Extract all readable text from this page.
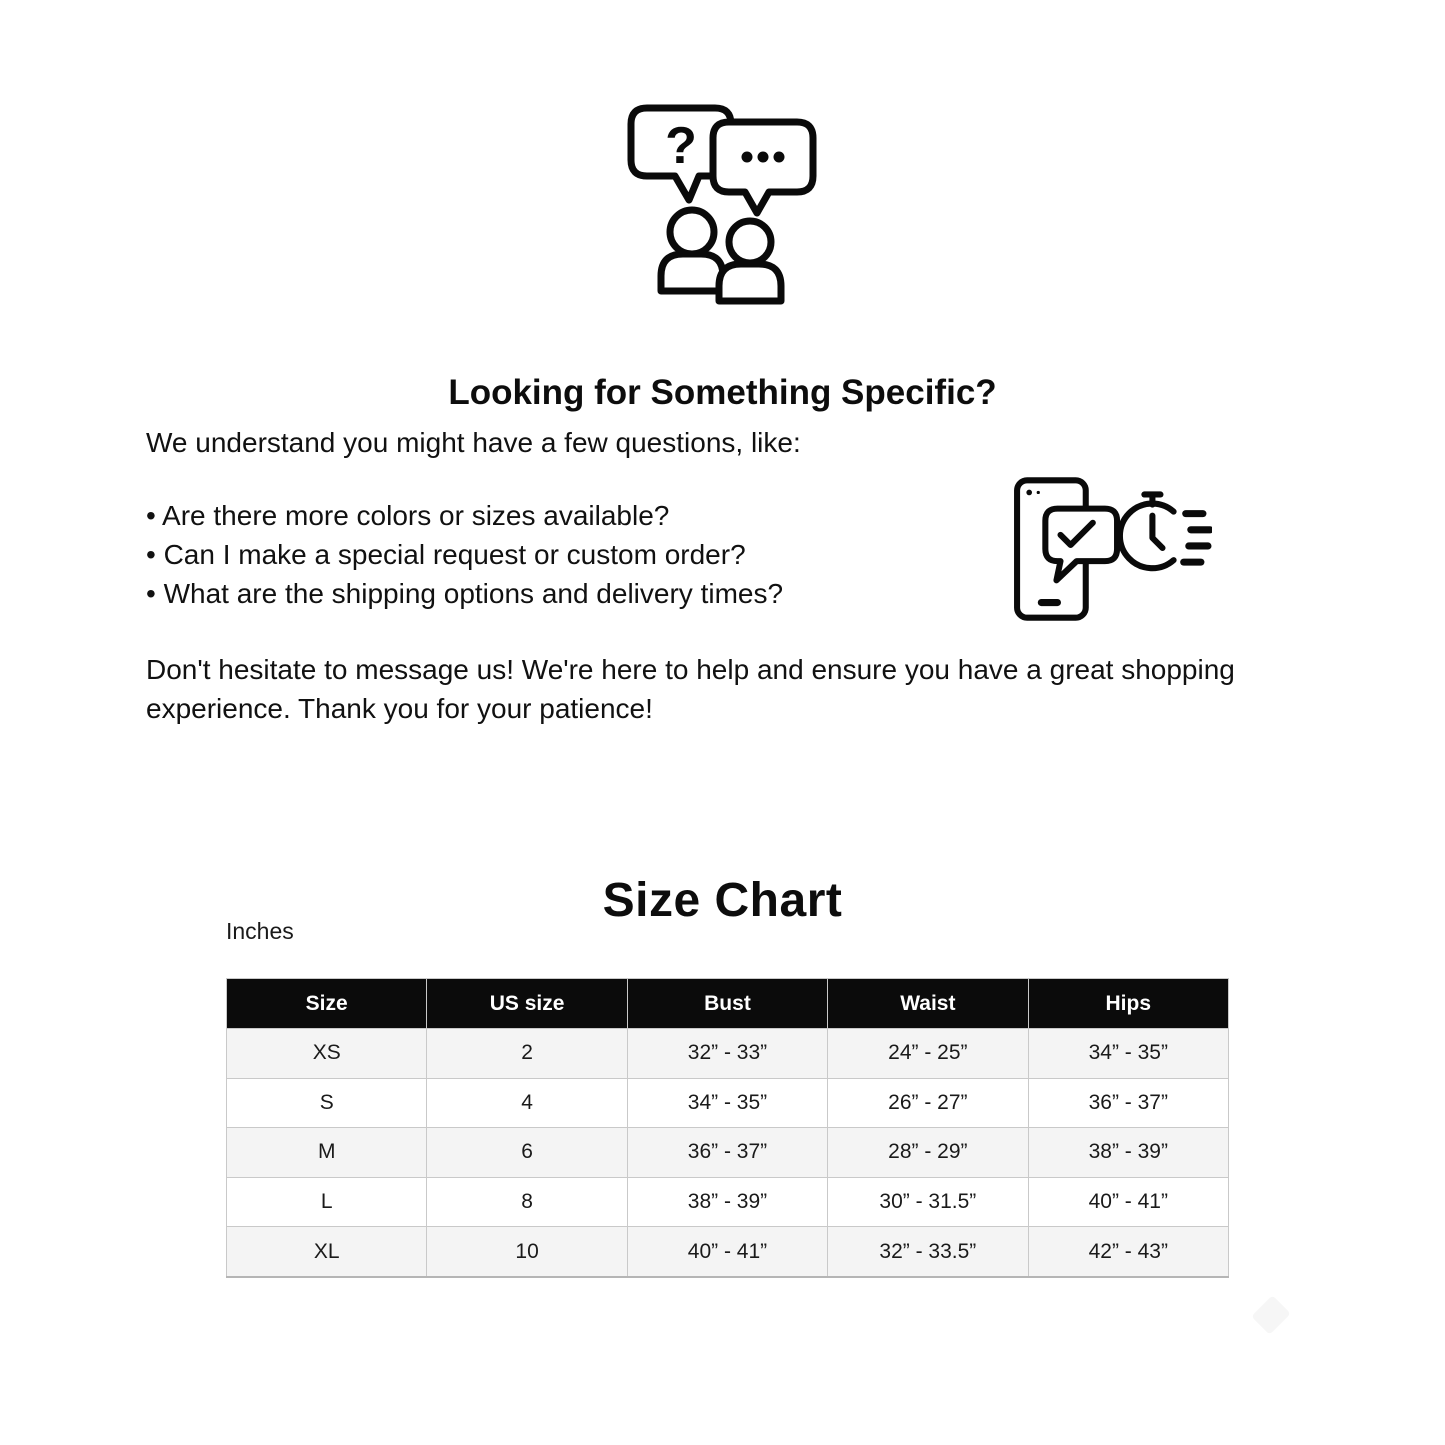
?
Looking for Something Specific?
We understand you might have a few questions, like:
• Are there more colors or sizes available?
• Can I make a special request or custom order?
• What are the shipping options and delivery times?
Don't hesitate to message us! We're here to help and ensure you have a great shopping experience. Thank you for your patience!
Size Chart
Inches
Size	US size	Bust	Waist	Hips
XS	2	32” - 33”	24” - 25”	34” - 35”
S	4	34” - 35”	26” - 27”	36” - 37”
M	6	36” - 37”	28” - 29”	38” - 39”
L	8	38” - 39”	30” - 31.5”	40” - 41”
XL	10	40” - 41”	32” - 33.5”	42” - 43”
